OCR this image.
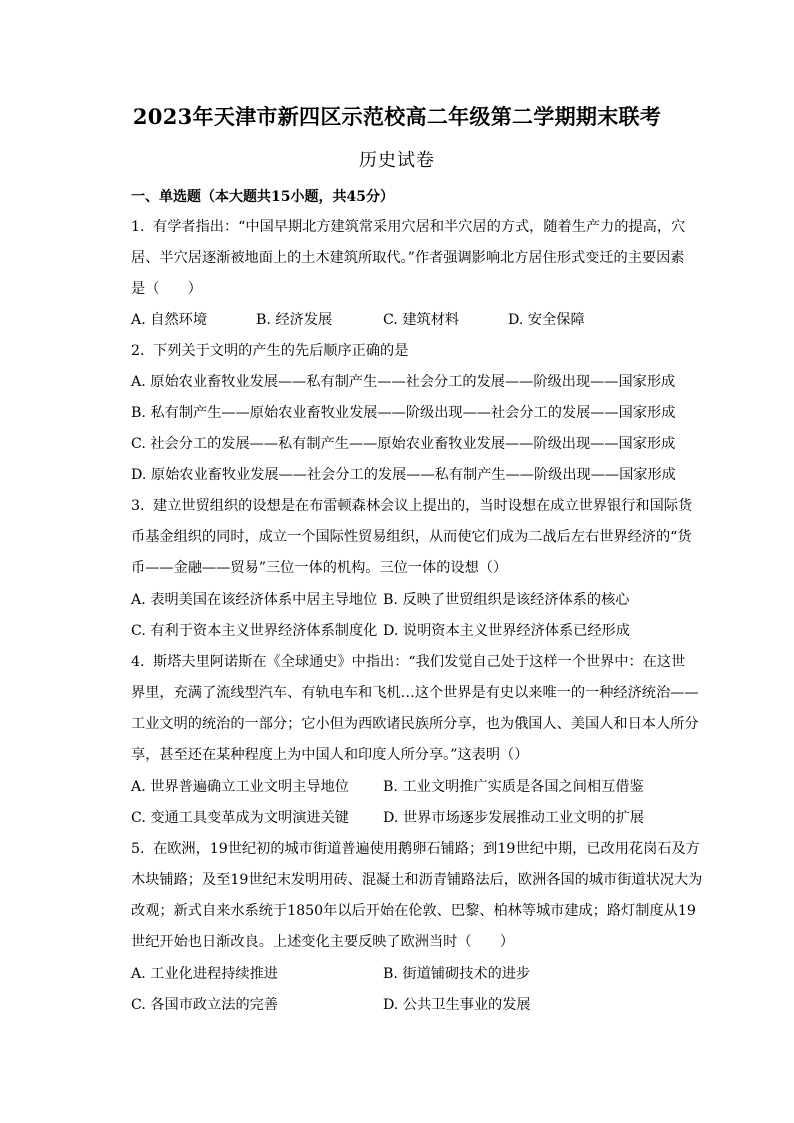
2023年天津市新四区示范校高二年级第二学期期末联考
历史试卷
一、单选题（本大题共15小题，共45分）
1. 有学者指出：“中国早期北方建筑常采用穴居和半穴居的方式，随着生产力的提高，穴
居、半穴居逐渐被地面上的土木建筑所取代。”作者强调影响北方居住形式变迁的主要因素
是（　　）
A. 自然环境	B. 经济发展	C. 建筑材料	D. 安全保障
2. 下列关于文明的产生的先后顺序正确的是
A. 原始农业畜牧业发展——私有制产生——社会分工的发展——阶级出现——国家形成
B. 私有制产生——原始农业畜牧业发展——阶级出现——社会分工的发展——国家形成
C. 社会分工的发展——私有制产生——原始农业畜牧业发展——阶级出现——国家形成
D. 原始农业畜牧业发展——社会分工的发展——私有制产生——阶级出现——国家形成
3. 建立世贸组织的设想是在布雷顿森林会议上提出的，当时设想在成立世界银行和国际货
币基金组织的同时，成立一个国际性贸易组织，从而使它们成为二战后左右世界经济的“货
币——金融——贸易”三位一体的机构。三位一体的设想（）
A. 表明美国在该经济体系中居主导地位 B. 反映了世贸组织是该经济体系的核心
C. 有利于资本主义世界经济体系制度化 D. 说明资本主义世界经济体系已经形成
4. 斯塔夫里阿诺斯在《全球通史》中指出：“我们发觉自己处于这样一个世界中：在这世
界里，充满了流线型汽车、有轨电车和飞机…这个世界是有史以来唯一的一种经济统治——
工业文明的统治的一部分；它小但为西欧诸民族所分享，也为俄国人、美国人和日本人所分
享，甚至还在某种程度上为中国人和印度人所分享。”这表明（）
A. 世界普遍确立工业文明主导地位 B. 工业文明推广实质是各国之间相互借鉴
C. 变通工具变革成为文明演进关键 D. 世界市场逐步发展推动工业文明的扩展
5. 在欧洲，19世纪初的城市街道普遍使用鹅卵石铺路；到19世纪中期，已改用花岗石及方
木块铺路；及至19世纪末发明用砖、混凝土和沥青铺路法后，欧洲各国的城市街道状况大为
改观；新式自来水系统于1850年以后开始在伦敦、巴黎、柏林等城市建成；路灯制度从19
世纪开始也日渐改良。上述变化主要反映了欧洲当时（　　）
A. 工业化进程持续推进	B. 街道铺砌技术的进步
C. 各国市政立法的完善	D. 公共卫生事业的发展
